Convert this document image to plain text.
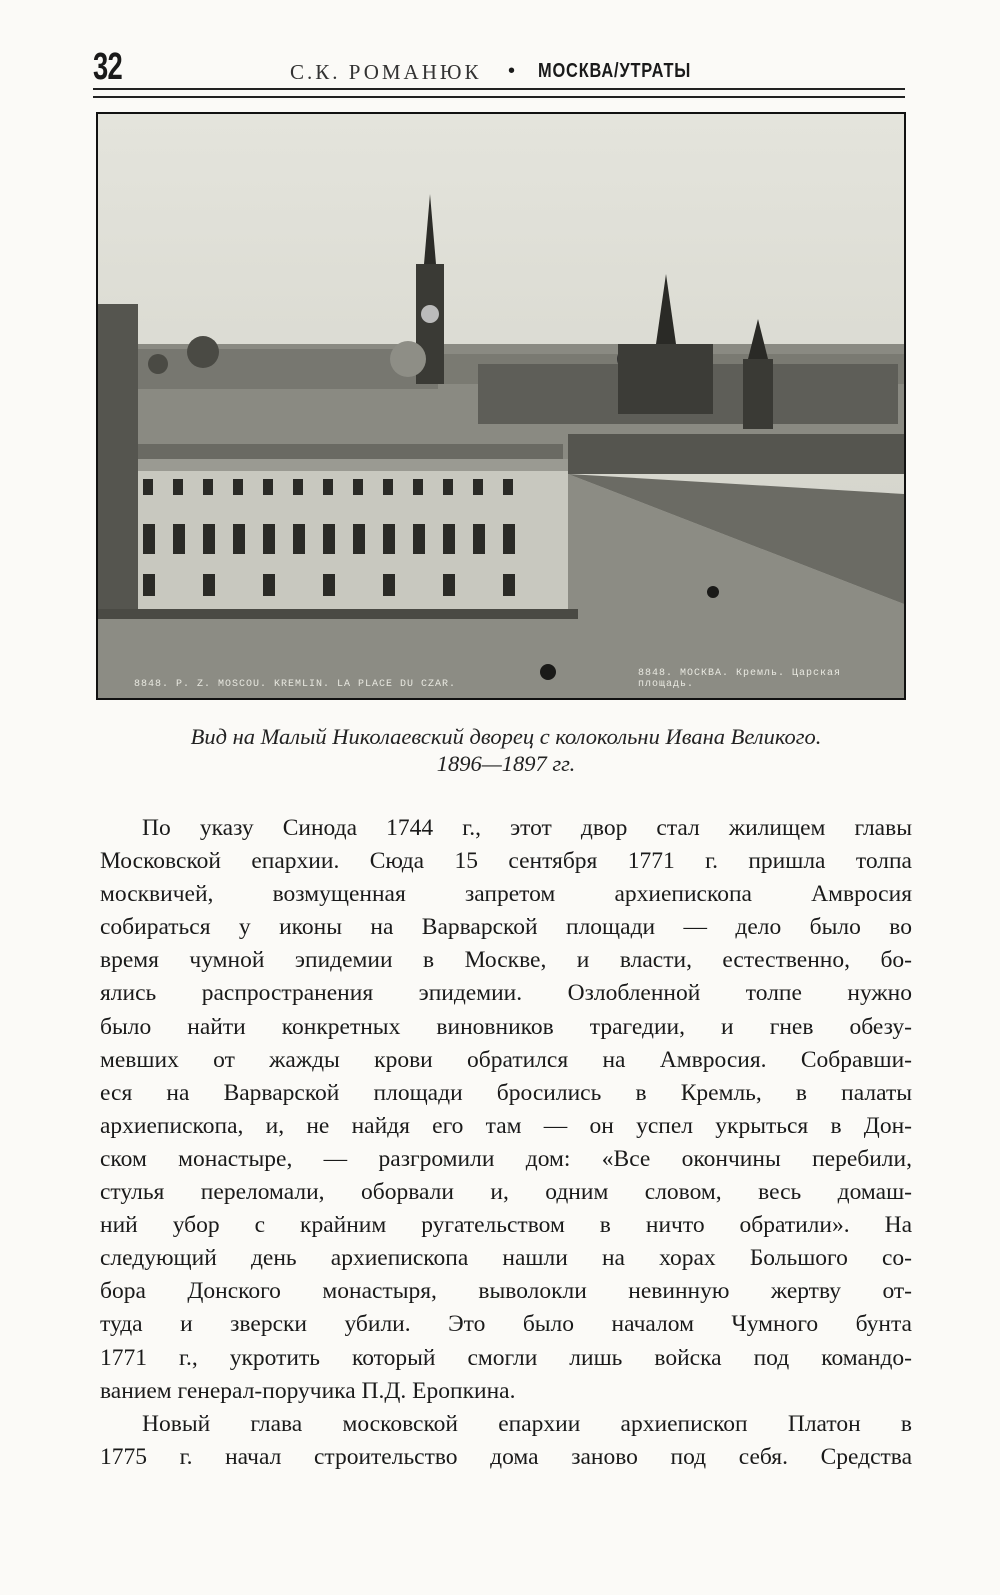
32	С.К. РОМАНЮК • МОСКВА/УТРАТЫ
8848. P. Z. MOSCOU. KREMLIN. LA PLACE DU CZAR.
8848. МОСКВА. Кремль. Царская площадь.
Вид на Малый Николаевский дворец с колокольни Ивана Великого.
1896—1897 гг.
По указу Синода 1744 г., этот двор стал жилищем главы
Московской епархии. Сюда 15 сентября 1771 г. пришла толпа
москвичей, возмущенная запретом архиепископа Амвросия
собираться у иконы на Варварской площади — дело было во
время чумной эпидемии в Москве, и власти, естественно, бо-
ялись распространения эпидемии. Озлобленной толпе нужно
было найти конкретных виновников трагедии, и гнев обезу-
мевших от жажды крови обратился на Амвросия. Собравши-
еся на Варварской площади бросились в Кремль, в палаты
архиепископа, и, не найдя его там — он успел укрыться в Дон-
ском монастыре, — разгромили дом: «Все окончины перебили,
стулья переломали, оборвали и, одним словом, весь домаш-
ний убор с крайним ругательством в ничто обратили». На
следующий день архиепископа нашли на хорах Большого со-
бора Донского монастыря, выволокли невинную жертву от-
туда и зверски убили. Это было началом Чумного бунта
1771 г., укротить который смогли лишь войска под командо-
ванием генерал-поручика П.Д. Еропкина.
Новый глава московской епархии архиепископ Платон в
1775 г. начал строительство дома заново под себя. Средства
